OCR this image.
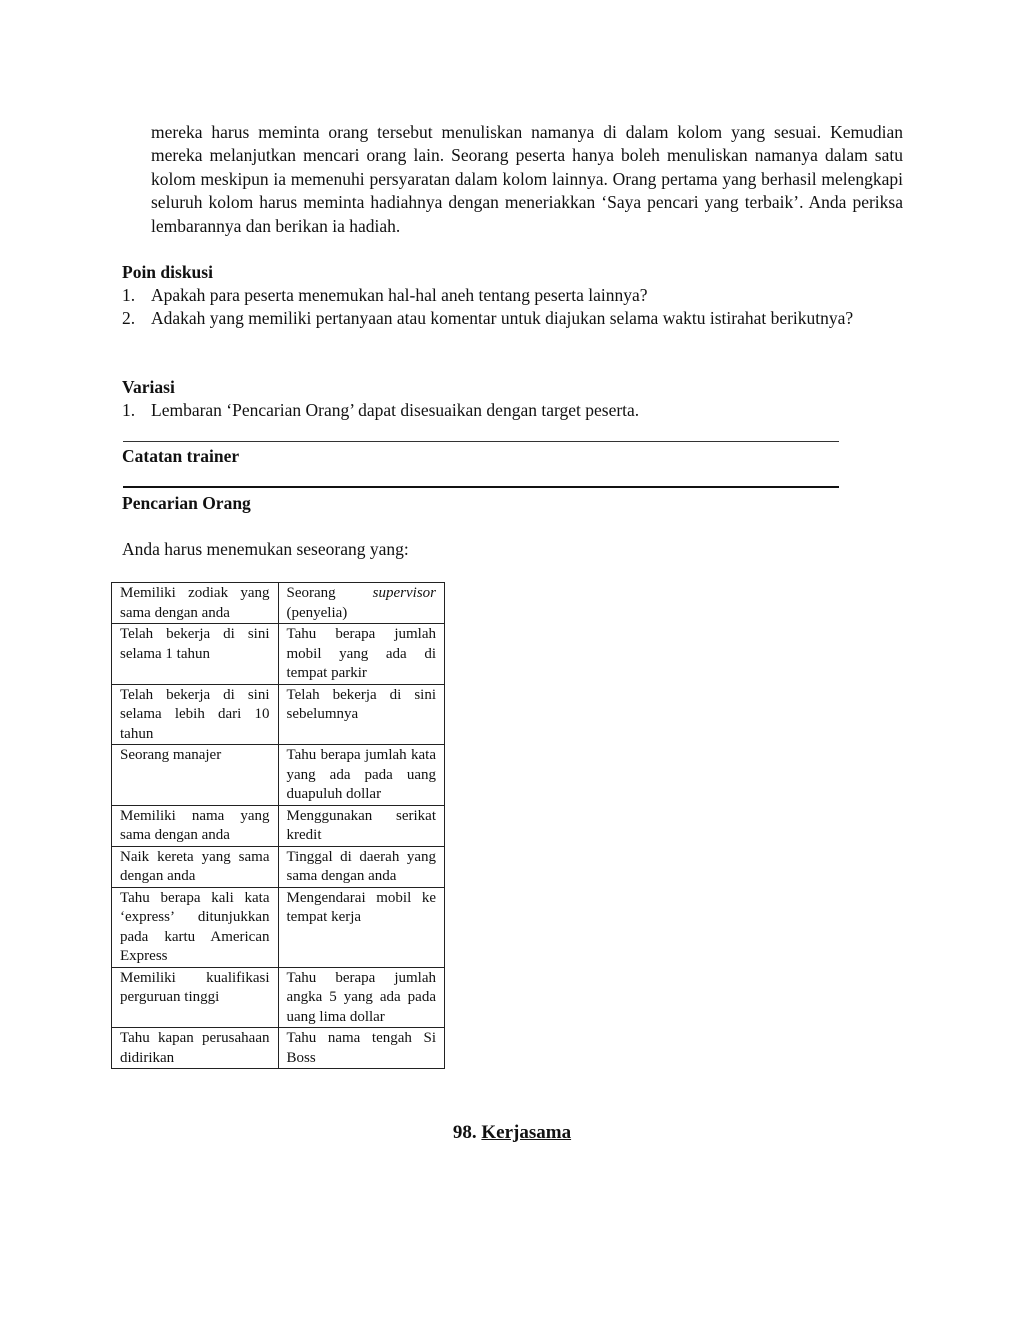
mereka harus meminta orang tersebut menuliskan namanya di dalam kolom yang sesuai. Kemudian mereka melanjutkan mencari orang lain. Seorang peserta hanya boleh menuliskan namanya dalam satu kolom meskipun ia memenuhi persyaratan dalam kolom lainnya. Orang pertama yang berhasil melengkapi seluruh kolom harus meminta hadiahnya dengan meneriakkan ‘Saya pencari yang terbaik’. Anda periksa lembarannya dan berikan ia hadiah.

Poin diskusi
1. Apakah para peserta menemukan hal-hal aneh tentang peserta lainnya?
2. Adakah yang memiliki pertanyaan atau komentar untuk diajukan selama waktu istirahat berikutnya?
Variasi
1. Lembaran ‘Pencarian Orang’ dapat disesuaikan dengan target peserta.
Catatan trainer
Pencarian Orang
Anda harus menemukan seseorang yang:
Memiliki zodiak yang sama dengan anda	Seorang supervisor
(penyelia)
Telah bekerja di sini selama 1 tahun	Tahu berapa jumlah mobil yang ada di tempat parkir
Telah bekerja di sini selama lebih dari 10 tahun	Telah bekerja di sini sebelumnya
Seorang manajer	Tahu berapa jumlah kata yang ada pada uang duapuluh dollar
Memiliki nama yang sama dengan anda	Menggunakan serikat kredit
Naik kereta yang sama dengan anda	Tinggal di daerah yang sama dengan anda
Tahu berapa kali kata ‘express’ ditunjukkan pada kartu American Express	Mengendarai mobil ke tempat kerja
Memiliki kualifikasi perguruan tinggi	Tahu berapa jumlah angka 5 yang ada pada uang lima dollar
Tahu kapan perusahaan didirikan	Tahu nama tengah Si Boss
98. Kerjasama
